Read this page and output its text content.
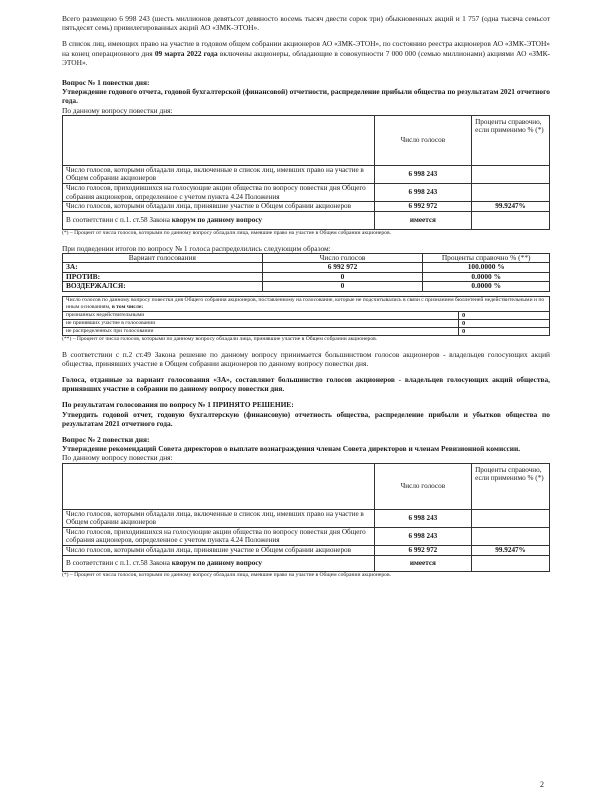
Всего размещено 6 998 243 (шесть миллионов девятьсот девяносто восемь тысяч двести сорок три) обыкновенных акций и 1 757 (одна тысяча семьсот пятьдесят семь) привилегированных акций АО «ЗМК-ЭТОН».

В список лиц, имеющих право на участие в годовом общем собрании акционеров АО «ЗМК-ЭТОН», по состоянию реестра акционеров АО «ЗМК-ЭТОН» на конец операционного дня 09 марта 2022 года включены акционеры, обладающие в совокупности 7 000 000 (семью миллионами) акциями АО «ЗМК-ЭТОН».

Вопрос № 1 повестки дня:

Утверждение годового отчета, годовой бухгалтерской (финансовой) отчетности, распределение прибыли общества по результатам 2021 отчетного года.

По данному вопросу повестки дня:

	Число голосов	Проценты справочно, если применимо % (*)
Число голосов, которыми обладали лица, включенные в список лиц, имевших право на участие в Общем собрании акционеров	6 998 243	
Число голосов, приходившихся на голосующие акции общества по вопросу повестки дня Общего собрания акционеров, определенное с учетом пункта 4.24 Положения	6 998 243	
Число голосов, которыми обладали лица, принявшие участие в Общем собрании акционеров	6 992 972	99.9247%
В соответствии с п.1. ст.58 Закона кворум по данному вопросу	имеется	

(*) – Процент от числа голосов, которыми по данному вопросу обладали лица, имевшие право на участие в Общем собрании акционеров.

При подведении итогов по вопросу № 1 голоса распределились следующим образом:

Вариант голосования	Число голосов	Проценты справочно % (**)
ЗА:	6 992 972	100.0000 %
ПРОТИВ:	0	0.0000 %
ВОЗДЕРЖАЛСЯ:	0	0.0000 %
Число голосов по данному вопросу повестки дня Общего собрания акционеров, поставленному на голосование, которые не подсчитывались в связи с признанием бюллетеней недействительными и по иным основаниям, в том числе:	
признанных недействительными	0
не принявших участие в голосовании	0
не распределенных при голосовании	0

(**) – Процент от числа голосов, которыми по данному вопросу обладали лица, принявшие участие в Общем собрании акционеров.

В соответствии с п.2 ст.49 Закона решение по данному вопросу принимается большинством голосов акционеров - владельцев голосующих акций общества, принявших участие в Общем собрании акционеров по данному вопросу повестки дня.

Голоса, отданные за вариант голосования «ЗА», составляют большинство голосов акционеров - владельцев голосующих акций общества, принявших участие в собрании по данному вопросу повестки дня.

По результатам голосования по вопросу № 1 ПРИНЯТО РЕШЕНИЕ:

Утвердить годовой отчет, годовую бухгалтерскую (финансовую) отчетность общества, распределение прибыли и убытков общества по результатам 2021 отчетного года.

Вопрос № 2 повестки дня:

Утверждение рекомендаций Совета директоров о выплате вознаграждения членам Совета директоров и членам Ревизионной комиссии.

По данному вопросу повестки дня:

	Число голосов	Проценты справочно, если применимо % (*)
Число голосов, которыми обладали лица, включенные в список лиц, имевших право на участие в Общем собрании акционеров	6 998 243	
Число голосов, приходившихся на голосующие акции общества по вопросу повестки дня Общего собрания акционеров, определенное с учетом пункта 4.24 Положения	6 998 243	
Число голосов, которыми обладали лица, принявшие участие в Общем собрании акционеров	6 992 972	99.9247%
В соответствии с п.1. ст.58 Закона кворум по данному вопросу	имеется	

(*) – Процент от числа голосов, которыми по данному вопросу обладали лица, имевшие право на участие в Общем собрании акционеров.

2
